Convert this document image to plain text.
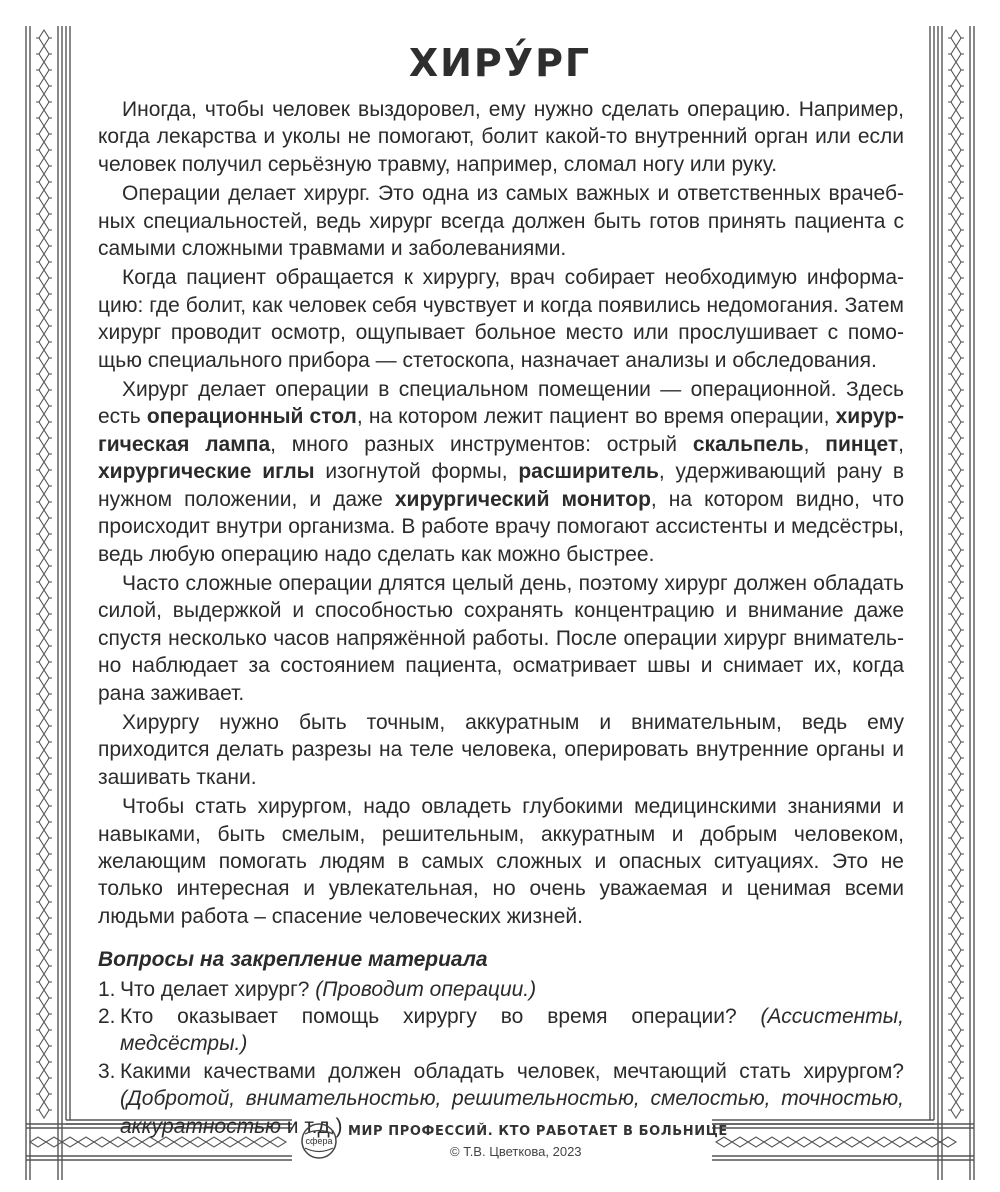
ХИРУ́РГ

Иногда, чтобы человек выздоровел, ему нужно сделать операцию. Например, когда лекарства и уколы не помогают, болит какой-то внутренний орган или если человек получил серьёзную травму, например, сломал ногу или руку.

Операции делает хирург. Это одна из самых важных и ответственных врачебных специальностей, ведь хирург всегда должен быть готов принять пациента с самыми сложными травмами и заболеваниями.

Когда пациент обращается к хирургу, врач собирает необходимую информацию: где болит, как человек себя чувствует и когда появились недомогания. Затем хирург проводит осмотр, ощупывает больное место или прослушивает с помощью специального прибора — стетоскопа, назначает анализы и обследования.

Хирург делает операции в специальном помещении — операционной. Здесь есть операционный стол, на котором лежит пациент во время операции, хирургическая лампа, много разных инструментов: острый скальпель, пинцет, хирургические иглы изогнутой формы, расширитель, удерживающий рану в нужном положении, и даже хирургический монитор, на котором видно, что происходит внутри организма. В работе врачу помогают ассистенты и медсёстры, ведь любую операцию надо сделать как можно быстрее.

Часто сложные операции длятся целый день, поэтому хирург должен обладать силой, выдержкой и способностью сохранять концентрацию и внимание даже спустя несколько часов напряжённой работы. После операции хирург внимательно наблюдает за состоянием пациента, осматривает швы и снимает их, когда рана заживает.

Хирургу нужно быть точным, аккуратным и внимательным, ведь ему приходится делать разрезы на теле человека, оперировать внутренние органы и зашивать ткани.

Чтобы стать хирургом, надо овладеть глубокими медицинскими знаниями и навыками, быть смелым, решительным, аккуратным и добрым человеком, желающим помогать людям в самых сложных и опасных ситуациях. Это не только интересная и увлекательная, но очень уважаемая и ценимая всеми людьми работа – спасение человеческих жизней.

Вопросы на закрепление материала
1. Что делает хирург? (Проводит операции.)
2. Кто оказывает помощь хирургу во время операции? (Ассистенты, медсёстры.)
3. Какими качествами должен обладать человек, мечтающий стать хирургом? (Добротой, внимательностью, решительностью, смелостью, точностью, аккуратностью и т.д.)
сфера
МИР ПРОФЕССИЙ. КТО РАБОТАЕТ В БОЛЬНИЦЕ
© Т.В. Цветкова, 2023
